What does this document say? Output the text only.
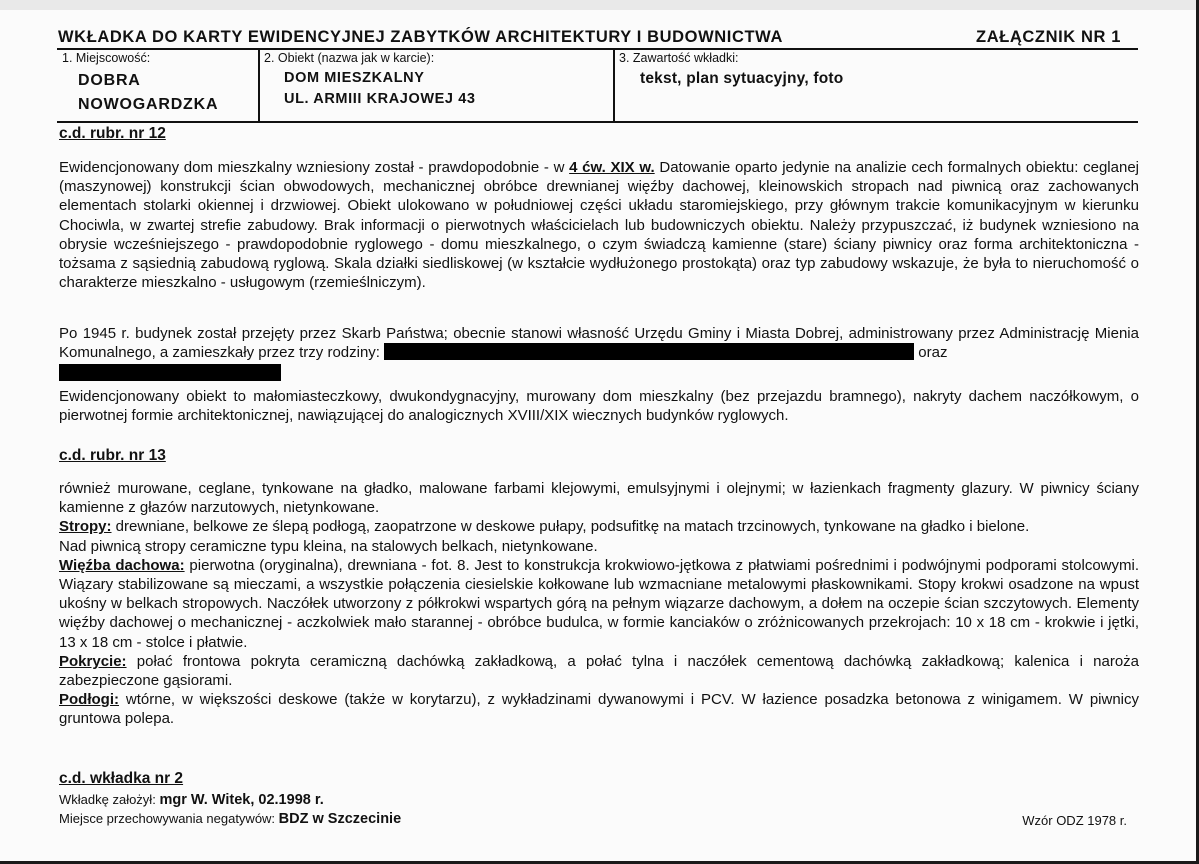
WKŁADKA DO KARTY EWIDENCYJNEJ ZABYTKÓW ARCHITEKTURY I BUDOWNICTWA	ZAŁĄCZNIK NR 1
1. Miejscowość:
DOBRA
NOWOGARDZKA
2. Obiekt (nazwa jak w karcie):
DOM MIESZKALNY
UL. ARMIII KRAJOWEJ 43
3. Zawartość wkładki:
tekst, plan sytuacyjny, foto
c.d. rubr. nr 12
Ewidencjonowany dom mieszkalny wzniesiony został - prawdopodobnie - w 4 ćw. XIX w. Datowanie oparto jedynie na analizie cech formalnych obiektu: ceglanej (maszynowej) konstrukcji ścian obwodowych, mechanicznej obróbce drewnianej więźby dachowej, kleinowskich stropach nad piwnicą oraz zachowanych elementach stolarki okiennej i drzwiowej. Obiekt ulokowano w południowej części układu staromiejskiego, przy głównym trakcie komunikacyjnym w kierunku Chociwla, w zwartej strefie zabudowy. Brak informacji o pierwotnych właścicielach lub budowniczych obiektu. Należy przypuszczać, iż budynek wzniesiono na obrysie wcześniejszego - prawdopodobnie ryglowego - domu mieszkalnego, o czym świadczą kamienne (stare) ściany piwnicy oraz forma architektoniczna - tożsama z sąsiednią zabudową ryglową. Skala działki siedliskowej (w kształcie wydłużonego prostokąta) oraz typ zabudowy wskazuje, że była to nieruchomość o charakterze mieszkalno - usługowym (rzemieślniczym).
Po 1945 r. budynek został przejęty przez Skarb Państwa; obecnie stanowi własność Urzędu Gminy i Miasta Dobrej, administrowany przez Administrację Mienia Komunalnego, a zamieszkały przez trzy rodziny:	oraz

Ewidencjonowany obiekt to małomiasteczkowy, dwukondygnacyjny, murowany dom mieszkalny (bez przejazdu bramnego), nakryty dachem naczółkowym, o pierwotnej formie architektonicznej, nawiązującej do analogicznych XVIII/XIX wiecznych budynków ryglowych.
c.d. rubr. nr 13
również murowane, ceglane, tynkowane na gładko, malowane farbami klejowymi, emulsyjnymi i olejnymi; w łazienkach fragmenty glazury. W piwnicy ściany kamienne z głazów narzutowych, nietynkowane.
Stropy: drewniane, belkowe ze ślepą podłogą, zaopatrzone w deskowe pułapy, podsufitkę na matach trzcinowych, tynkowane na gładko i bielone.
Nad piwnicą stropy ceramiczne typu kleina, na stalowych belkach, nietynkowane.
Więźba dachowa: pierwotna (oryginalna), drewniana - fot. 8. Jest to konstrukcja krokwiowo-jętkowa z płatwiami pośrednimi i podwójnymi podporami stolcowymi. Wiązary stabilizowane są mieczami, a wszystkie połączenia ciesielskie kołkowane lub wzmacniane metalowymi płaskownikami. Stopy krokwi osadzone na wpust ukośny w belkach stropowych. Naczółek utworzony z półkrokwi wspartych górą na pełnym wiązarze dachowym, a dołem na oczepie ścian szczytowych. Elementy więźby dachowej o mechanicznej - aczkolwiek mało starannej - obróbce budulca, w formie kanciaków o zróżnicowanych przekrojach: 10 x 18 cm - krokwie i jętki, 13 x 18 cm - stolce i płatwie.
Pokrycie: połać frontowa pokryta ceramiczną dachówką zakładkową, a połać tylna i naczółek cementową dachówką zakładkową; kalenica i naroża zabezpieczone gąsiorami.
Podłogi: wtórne, w większości deskowe (także w korytarzu), z wykładzinami dywanowymi i PCV. W łazience posadzka betonowa z winigamem. W piwnicy gruntowa polepa.
c.d. wkładka nr 2
Wkładkę założył: mgr W. Witek, 02.1998 r.
Miejsce przechowywania negatywów: BDZ w Szczecinie	Wzór ODZ 1978 r.
